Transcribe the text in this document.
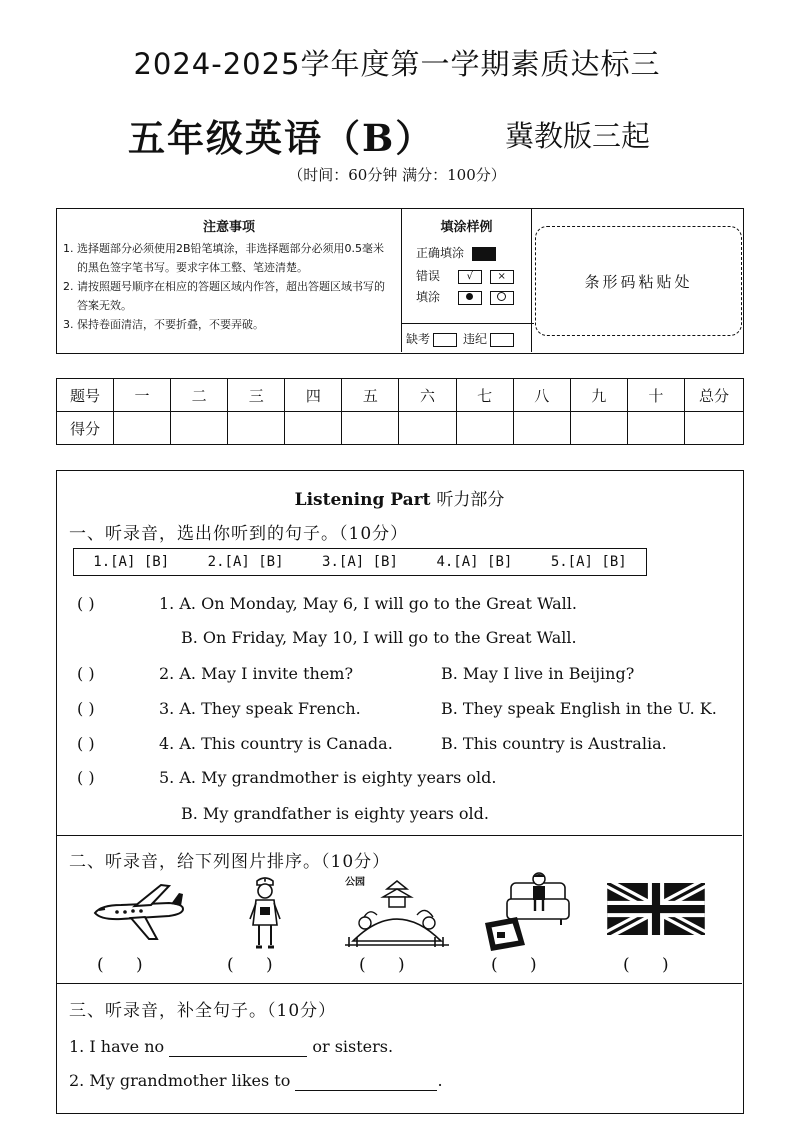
2024-2025学年度第一学期素质达标三
五年级英语（B） 冀教版三起
（时间：60分钟 满分：100分）
注意事项
1. 选择题部分必须使用2B铅笔填涂，非选择题部分必须用0.5毫米的黑色签字笔书写。要求字体工整、笔迹清楚。
2. 请按照题号顺序在相应的答题区域内作答，超出答题区域书写的答案无效。
3. 保持卷面清洁，不要折叠，不要弄破。
填涂样例
正确填涂
错误	√ ×
填涂
缺考	违纪
条形码粘贴处
题号	一	二	三	四	五	六	七	八	九	十	总分
得分											
Listening Part 听力部分
一、听录音，选出你听到的句子。（10分）
1.[A] [B]	2.[A] [B]	3.[A] [B]	4.[A] [B]	5.[A] [B]
( )	1. A. On Monday, May 6, I will go to the Great Wall.
B. On Friday, May 10, I will go to the Great Wall.
( )	2. A. May I invite them?	B. May I live in Beijing?
( )	3. A. They speak French.	B. They speak English in the U. K.
( )	4. A. This country is Canada.	B. This country is Australia.
( )	5. A. My grandmother is eighty years old.
B. My grandfather is eighty years old.
二、听录音，给下列图片排序。（10分）
公园
(      )	(      )	(      )	(      )	(      )
三、听录音，补全句子。（10分）
1. I have no	or sisters.
2. My grandmother likes to	.
